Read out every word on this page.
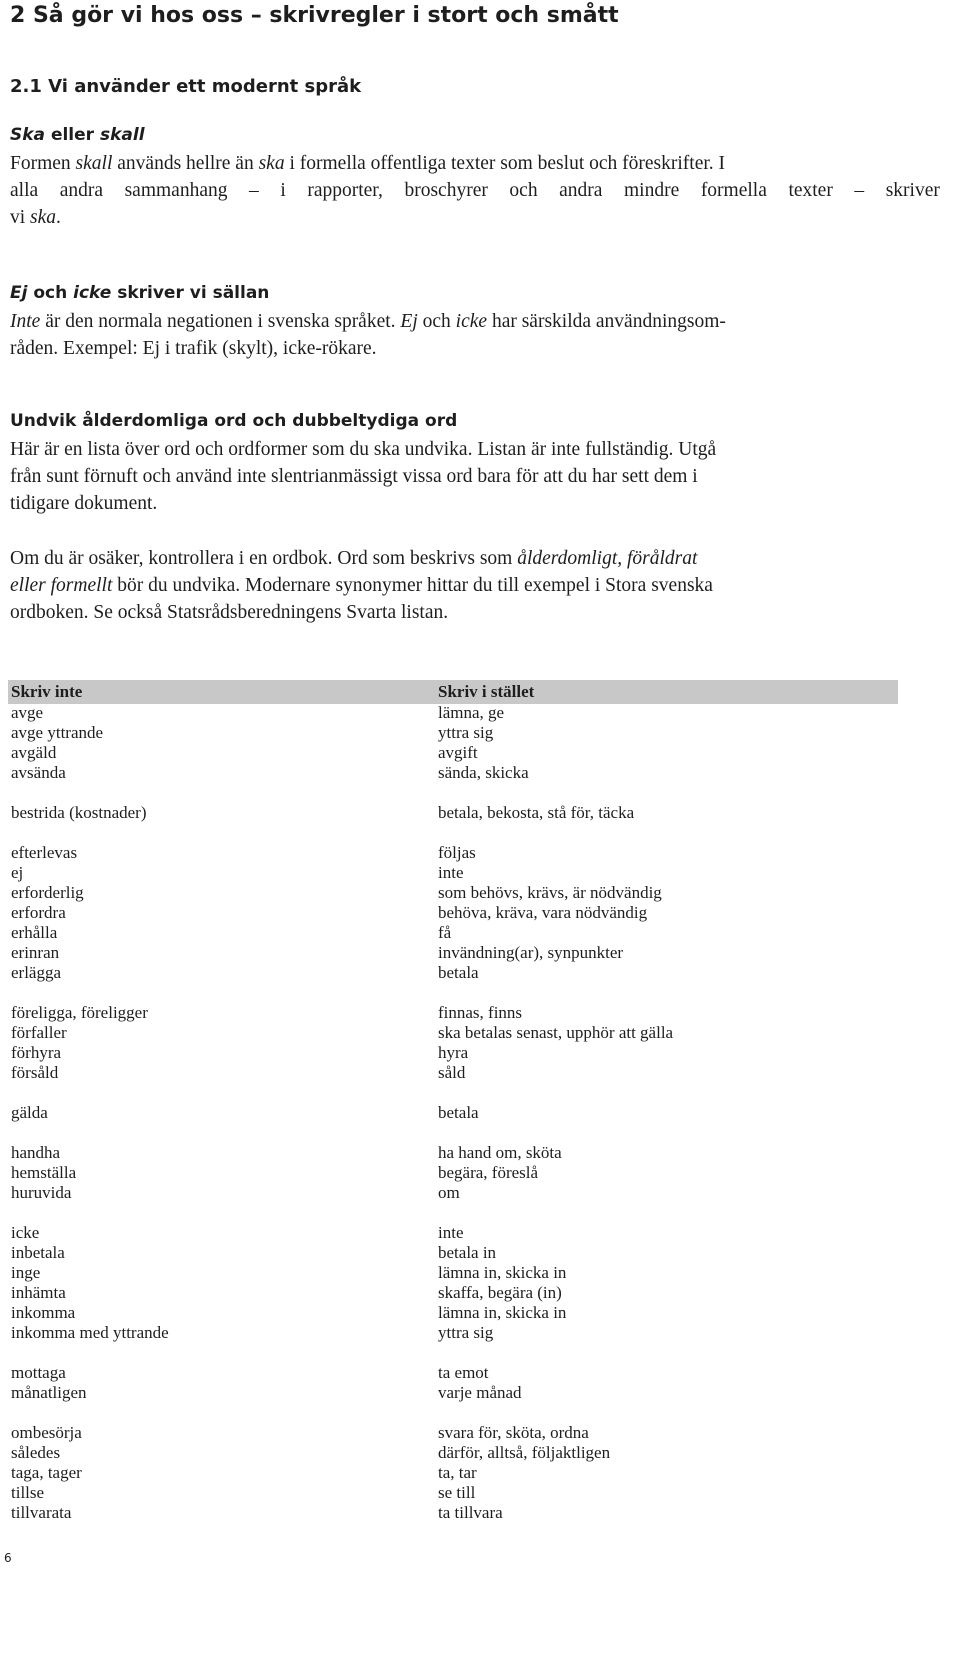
2 Så gör vi hos oss – skrivregler i stort och smått
2.1 Vi använder ett modernt språk
Ska eller skall
Formen skall används hellre än ska i formella offentliga texter som beslut och föreskrifter. I
alla andra sammanhang – i rapporter, broschyrer och andra mindre formella texter – skriver
vi ska.
Ej och icke skriver vi sällan
Inte är den normala negationen i svenska språket. Ej och icke har särskilda användningsom-
råden. Exempel: Ej i trafik (skylt), icke-rökare.
Undvik ålderdomliga ord och dubbeltydiga ord
Här är en lista över ord och ordformer som du ska undvika. Listan är inte fullständig. Utgå
från sunt förnuft och använd inte slentrianmässigt vissa ord bara för att du har sett dem i
tidigare dokument.
Om du är osäker, kontrollera i en ordbok. Ord som beskrivs som ålderdomligt, föråldrat
eller formellt bör du undvika. Modernare synonymer hittar du till exempel i Stora svenska
ordboken. Se också Statsrådsberedningens Svarta listan.
Skriv inte	Skriv i stället
avge	lämna, ge
avge yttrande	yttra sig
avgäld	avgift
avsända	sända, skicka
bestrida (kostnader)	betala, bekosta, stå för, täcka
efterlevas	följas
ej	inte
erforderlig	som behövs, krävs, är nödvändig
erfordra	behöva, kräva, vara nödvändig
erhålla	få
erinran	invändning(ar), synpunkter
erlägga	betala
föreligga, föreligger	finnas, finns
förfaller	ska betalas senast, upphör att gälla
förhyra	hyra
försåld	såld
gälda	betala
handha	ha hand om, sköta
hemställa	begära, föreslå
huruvida	om
icke	inte
inbetala	betala in
inge	lämna in, skicka in
inhämta	skaffa, begära (in)
inkomma	lämna in, skicka in
inkomma med yttrande	yttra sig
mottaga	ta emot
månatligen	varje månad
ombesörja	svara för, sköta, ordna
således	därför, alltså, följaktligen
taga, tager	ta, tar
tillse	se till
tillvarata	ta tillvara
6
